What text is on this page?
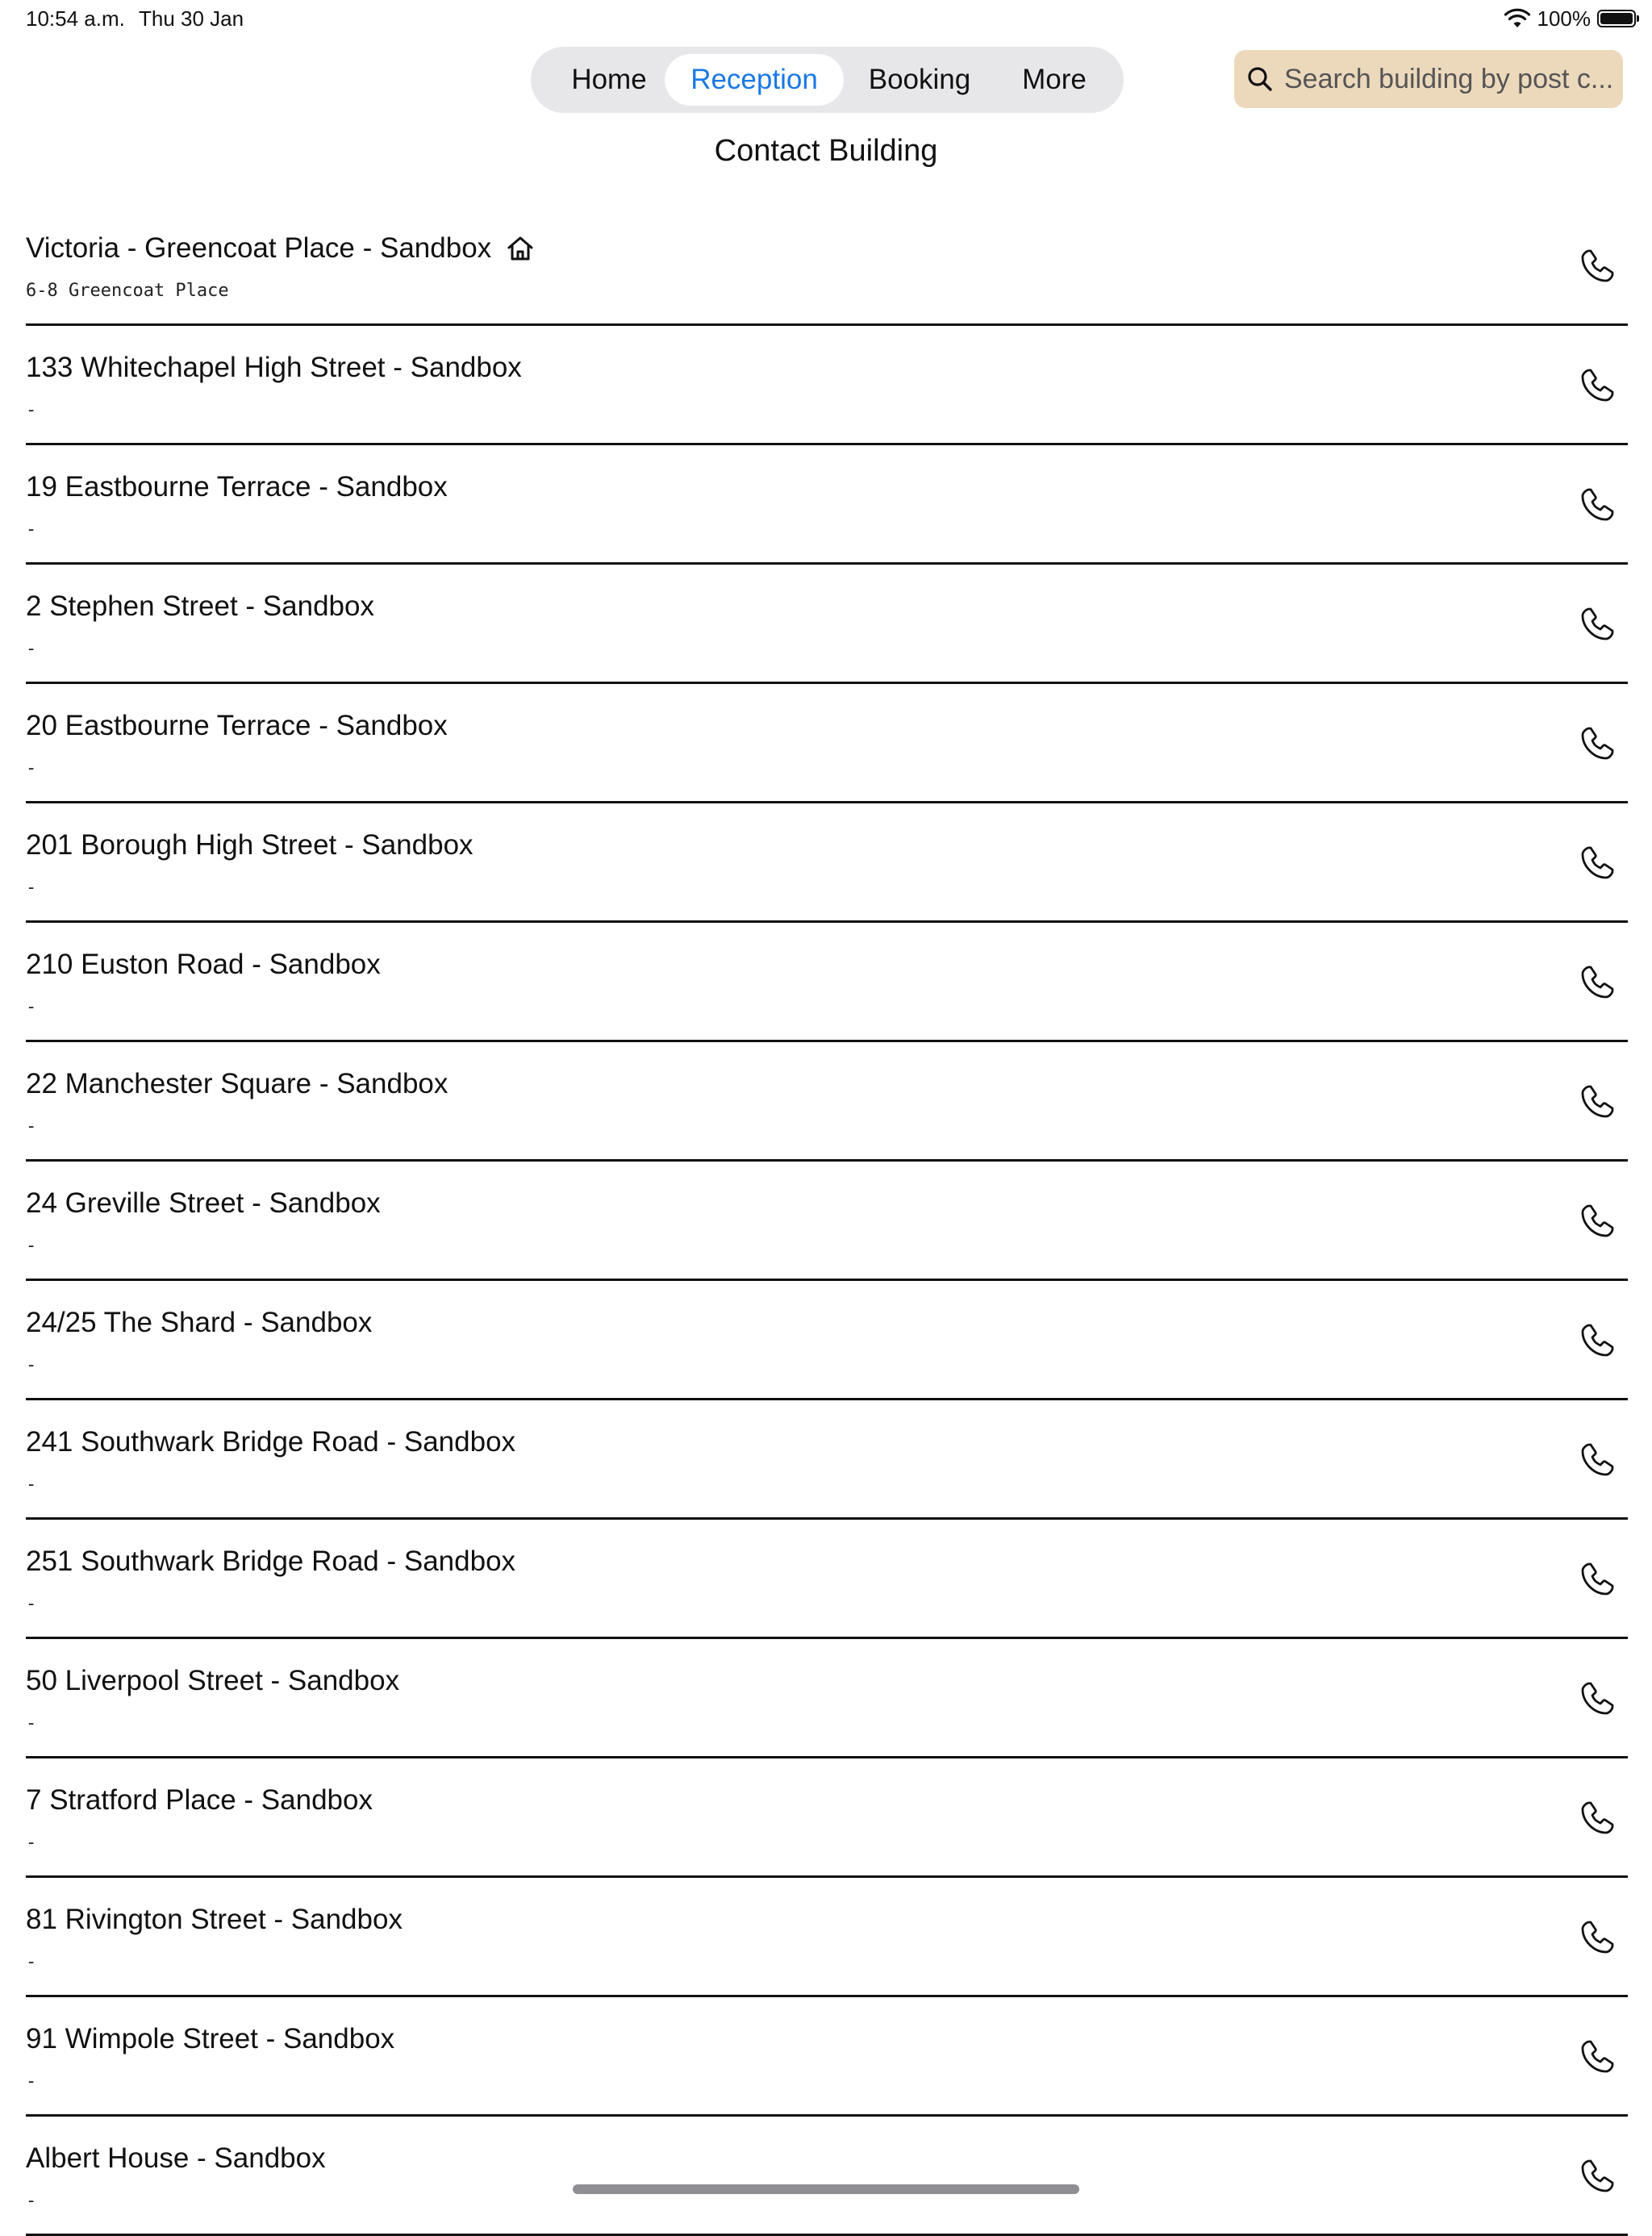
10:54 a.m. Thu 30 Jan	100%
Home	Reception	Booking	More
Search building by post c...
Contact Building
Victoria - Greencoat Place - Sandbox
6-8 Greencoat Place
133 Whitechapel High Street - Sandbox
-
19 Eastbourne Terrace - Sandbox
-
2 Stephen Street - Sandbox
-
20 Eastbourne Terrace - Sandbox
-
201 Borough High Street - Sandbox
-
210 Euston Road - Sandbox
-
22 Manchester Square - Sandbox
-
24 Greville Street - Sandbox
-
24/25 The Shard - Sandbox
-
241 Southwark Bridge Road - Sandbox
-
251 Southwark Bridge Road - Sandbox
-
50 Liverpool Street - Sandbox
-
7 Stratford Place - Sandbox
-
81 Rivington Street - Sandbox
-
91 Wimpole Street - Sandbox
-
Albert House - Sandbox
-
